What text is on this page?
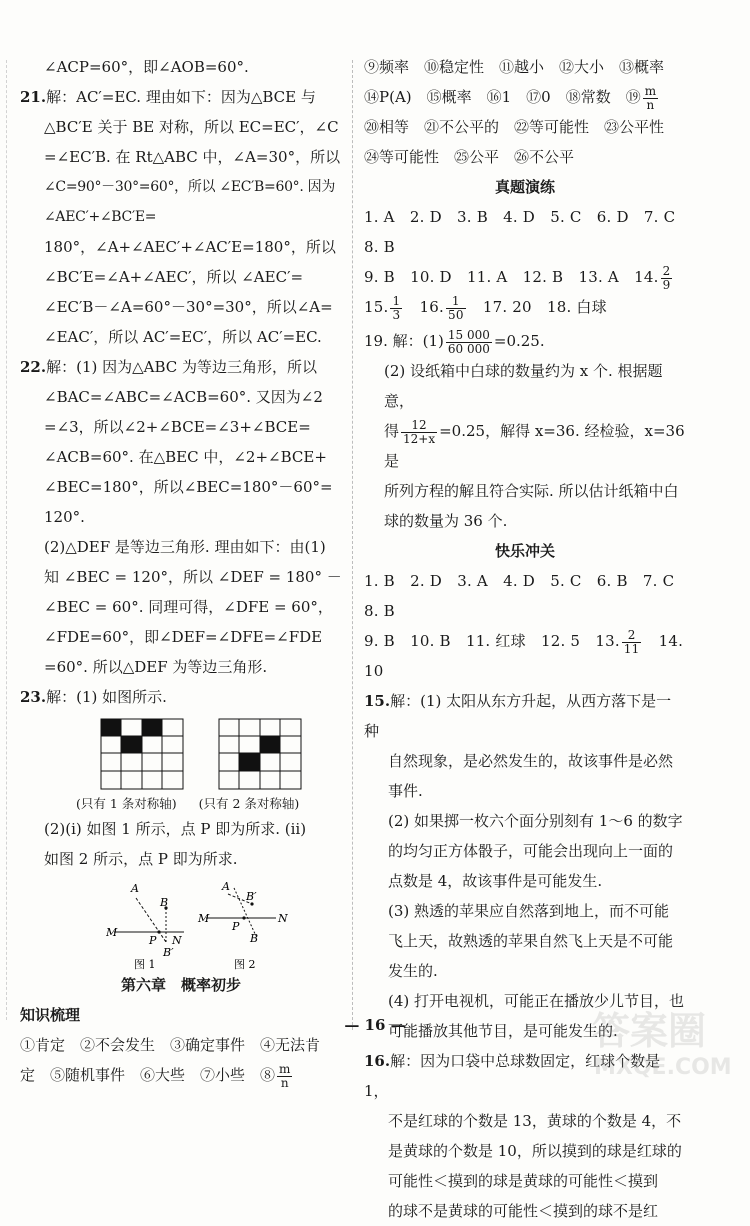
∠ACP=60°，即∠AOB=60°.

21.解：AC′=EC. 理由如下：因为△BCE 与

△BC′E 关于 BE 对称，所以 EC=EC′，∠C

=∠EC′B. 在 Rt△ABC 中，∠A=30°，所以

∠C=90°－30°=60°，所以 ∠EC′B=60°. 因为 ∠AEC′+∠BC′E=

180°，∠A+∠AEC′+∠AC′E=180°，所以

∠BC′E=∠A+∠AEC′，所以 ∠AEC′=

∠EC′B－∠A=60°－30°=30°，所以∠A=

∠EAC′，所以 AC′=EC′，所以 AC′=EC.

22.解：(1) 因为△ABC 为等边三角形，所以

∠BAC=∠ABC=∠ACB=60°. 又因为∠2

=∠3，所以∠2+∠BCE=∠3+∠BCE=

∠ACB=60°. 在△BEC 中，∠2+∠BCE+

∠BEC=180°，所以∠BEC=180°－60°=

120°.

(2)△DEF 是等边三角形. 理由如下：由(1)

知 ∠BEC = 120°，所以 ∠DEF = 180° －

∠BEC = 60°. 同理可得，∠DFE = 60°，

∠FDE=60°，即∠DEF=∠DFE=∠FDE

=60°. 所以△DEF 为等边三角形.

23.解：(1) 如图所示.

(只有 1 条对称轴) (只有 2 条对称轴)

(2)(ⅰ) 如图 1 所示，点 P 即为所求. (ⅱ)

如图 2 所示，点 P 即为所求.

A
B
B′
M
N
P
图 1
A
B′
B
M	N
P
图 2

第六章　概率初步

知识梳理

①肯定　②不会发生　③确定事件　④无法肯

定　⑤随机事件　⑥大些　⑦小些　⑧ $\frac{m}{n}$

⑨频率　⑩稳定性　⑪越小　⑫大小　⑬概率

⑭P(A)　⑮概率　⑯1　⑰0　⑱常数　⑲ $\frac{m}{n}$

⑳相等　㉑不公平的　㉒等可能性　㉓公平性

㉔等可能性　㉕公平　㉖不公平

真题演练

1. A　2. D　3. B　4. D　5. C　6. D　7. C　8. B

9. B　10. D　11. A　12. B　13. A　14. $\frac{2}{9}$

15. $\frac{1}{3}$
　 16. $\frac{1}{50}$
　 17. 20　18. 白球

19. 解：$(1) \frac{15 000}{60 000} =0.25$.

(2) 设纸箱中白球的数量约为 x 个. 根据题意，

得 $\frac{12}{12+x} =0.25$，解得 x=36. 经检验，x=36 是

所列方程的解且符合实际. 所以估计纸箱中白

球的数量为 36 个.

快乐冲关

1. B　2. D　3. A　4. D　5. C　6. B　7. C　8. B

9. B　10. B　11. 红球　12. 5　13. $\frac{2}{11}$
　 14. 10

15.解：(1) 太阳从东方升起，从西方落下是一种

自然现象，是必然发生的，故该事件是必然

事件.

(2) 如果掷一枚六个面分别刻有 1～6 的数字

的均匀正方体骰子，可能会出现向上一面的

点数是 4，故该事件是可能发生.

(3) 熟透的苹果应自然落到地上，而不可能

飞上天，故熟透的苹果自然飞上天是不可能

发生的.

(4) 打开电视机，可能正在播放少儿节目，也

可能播放其他节目，是可能发生的.

16.解：因为口袋中总球数固定，红球个数是 1，

不是红球的个数是 13，黄球的个数是 4，不

是黄球的个数是 10，所以摸到的球是红球的

可能性＜摸到的球是黄球的可能性＜摸到

的球不是黄球的可能性＜摸到的球不是红

— 16 —	答案圈
MXQE.COM
